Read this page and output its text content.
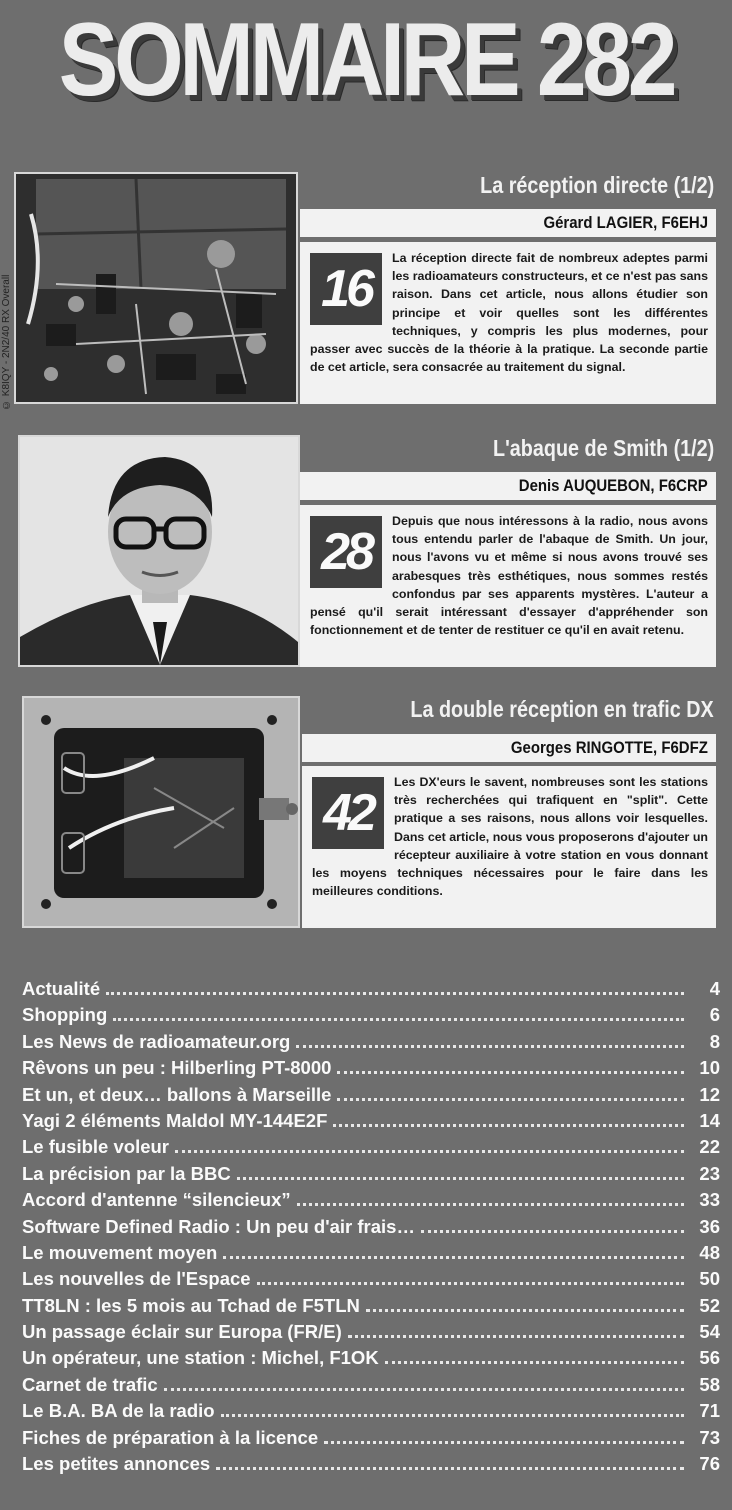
SOMMAIRE 282
© K8IQY - 2N2/40 RX Overall
La réception directe (1/2)
Gérard LAGIER, F6EHJ
16
La réception directe fait de nombreux adeptes parmi les radioamateurs constructeurs, et ce n'est pas sans raison. Dans cet article, nous allons étudier son principe et voir quelles sont les différentes techniques, y compris les plus modernes, pour passer avec succès de la théorie à la pratique. La seconde partie de cet article, sera consacrée au traitement du signal.
L'abaque de Smith (1/2)
Denis AUQUEBON, F6CRP
28
Depuis que nous intéressons à la radio, nous avons tous entendu parler de l'abaque de Smith. Un jour, nous l'avons vu et même si nous avons trouvé ses arabesques très esthétiques, nous sommes restés confondus par ses apparents mystères. L'auteur a pensé qu'il serait intéressant d'essayer d'appréhender son fonctionnement et de tenter de restituer ce qu'il en avait retenu.
La double réception en trafic DX
Georges RINGOTTE, F6DFZ
42
Les DX'eurs le savent, nombreuses sont les stations très recherchées qui trafiquent en "split". Cette pratique a ses raisons, nous allons voir lesquelles. Dans cet article, nous vous proposerons d'ajouter un récepteur auxiliaire à votre station en vous donnant les moyens techniques nécessaires pour le faire dans les meilleures conditions.
Actualité	4
Shopping	6
Les News de radioamateur.org	8
Rêvons un peu : Hilberling PT-8000	10
Et un, et deux… ballons à Marseille	12
Yagi 2 éléments Maldol MY-144E2F	14
Le fusible voleur	22
La précision par la BBC	23
Accord d'antenne “silencieux”	33
Software Defined Radio : Un peu d'air frais…	36
Le mouvement moyen	48
Les nouvelles de l'Espace	50
TT8LN : les 5 mois au Tchad de F5TLN	52
Un passage éclair sur Europa (FR/E)	54
Un opérateur, une station : Michel, F1OK	56
Carnet de trafic	58
Le B.A. BA de la radio	71
Fiches de préparation à la licence	73
Les petites annonces	76
